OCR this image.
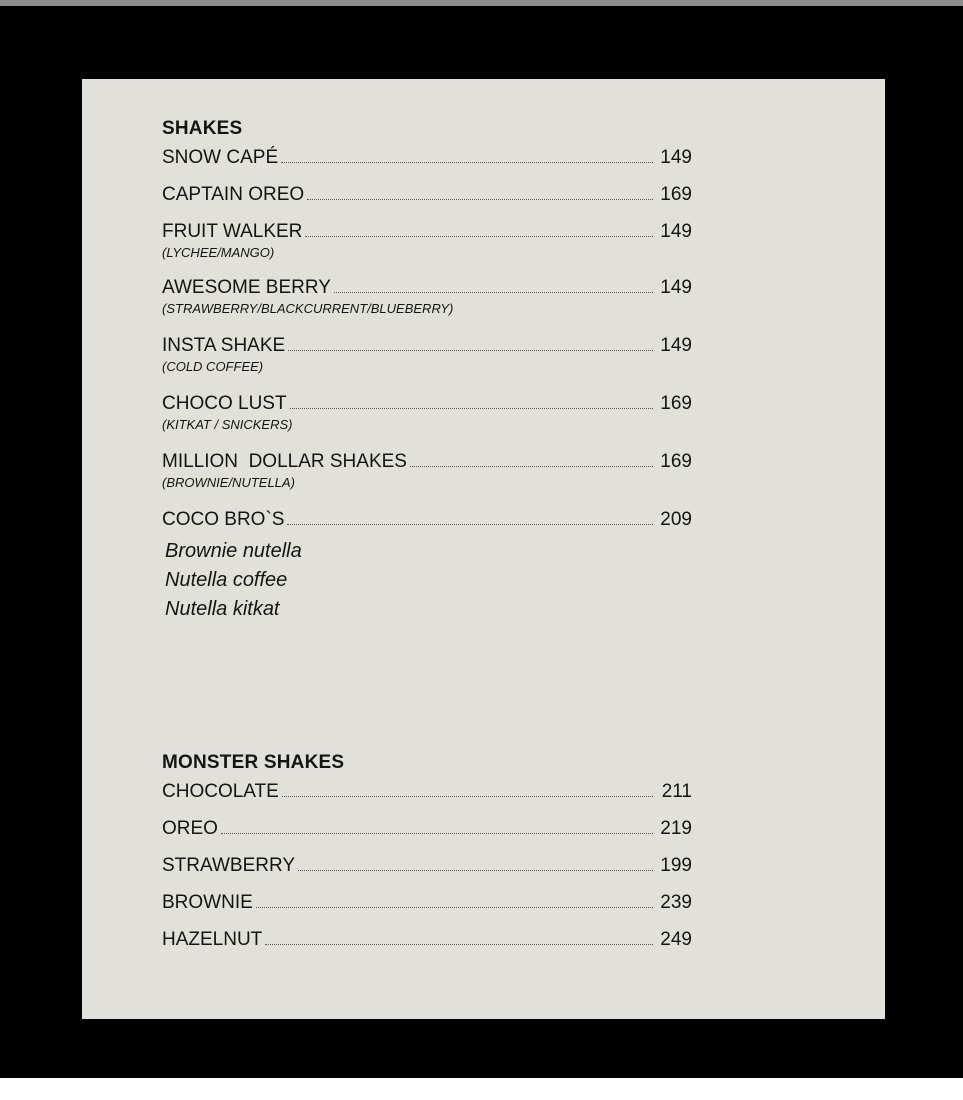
SHAKES
SNOW CAPÉ	149
CAPTAIN OREO	169
FRUIT WALKER	149
(LYCHEE/MANGO)
AWESOME BERRY	149
(STRAWBERRY/BLACKCURRENT/BLUEBERRY)
INSTA SHAKE	149
(COLD COFFEE)
CHOCO LUST	169
(KITKAT / SNICKERS)
MILLION  DOLLAR SHAKES	169
(BROWNIE/NUTELLA)
COCO BRO`S	209
Brownie nutella
Nutella coffee
Nutella kitkat
MONSTER SHAKES
CHOCOLATE	211
OREO	219
STRAWBERRY	199
BROWNIE	239
HAZELNUT	249
